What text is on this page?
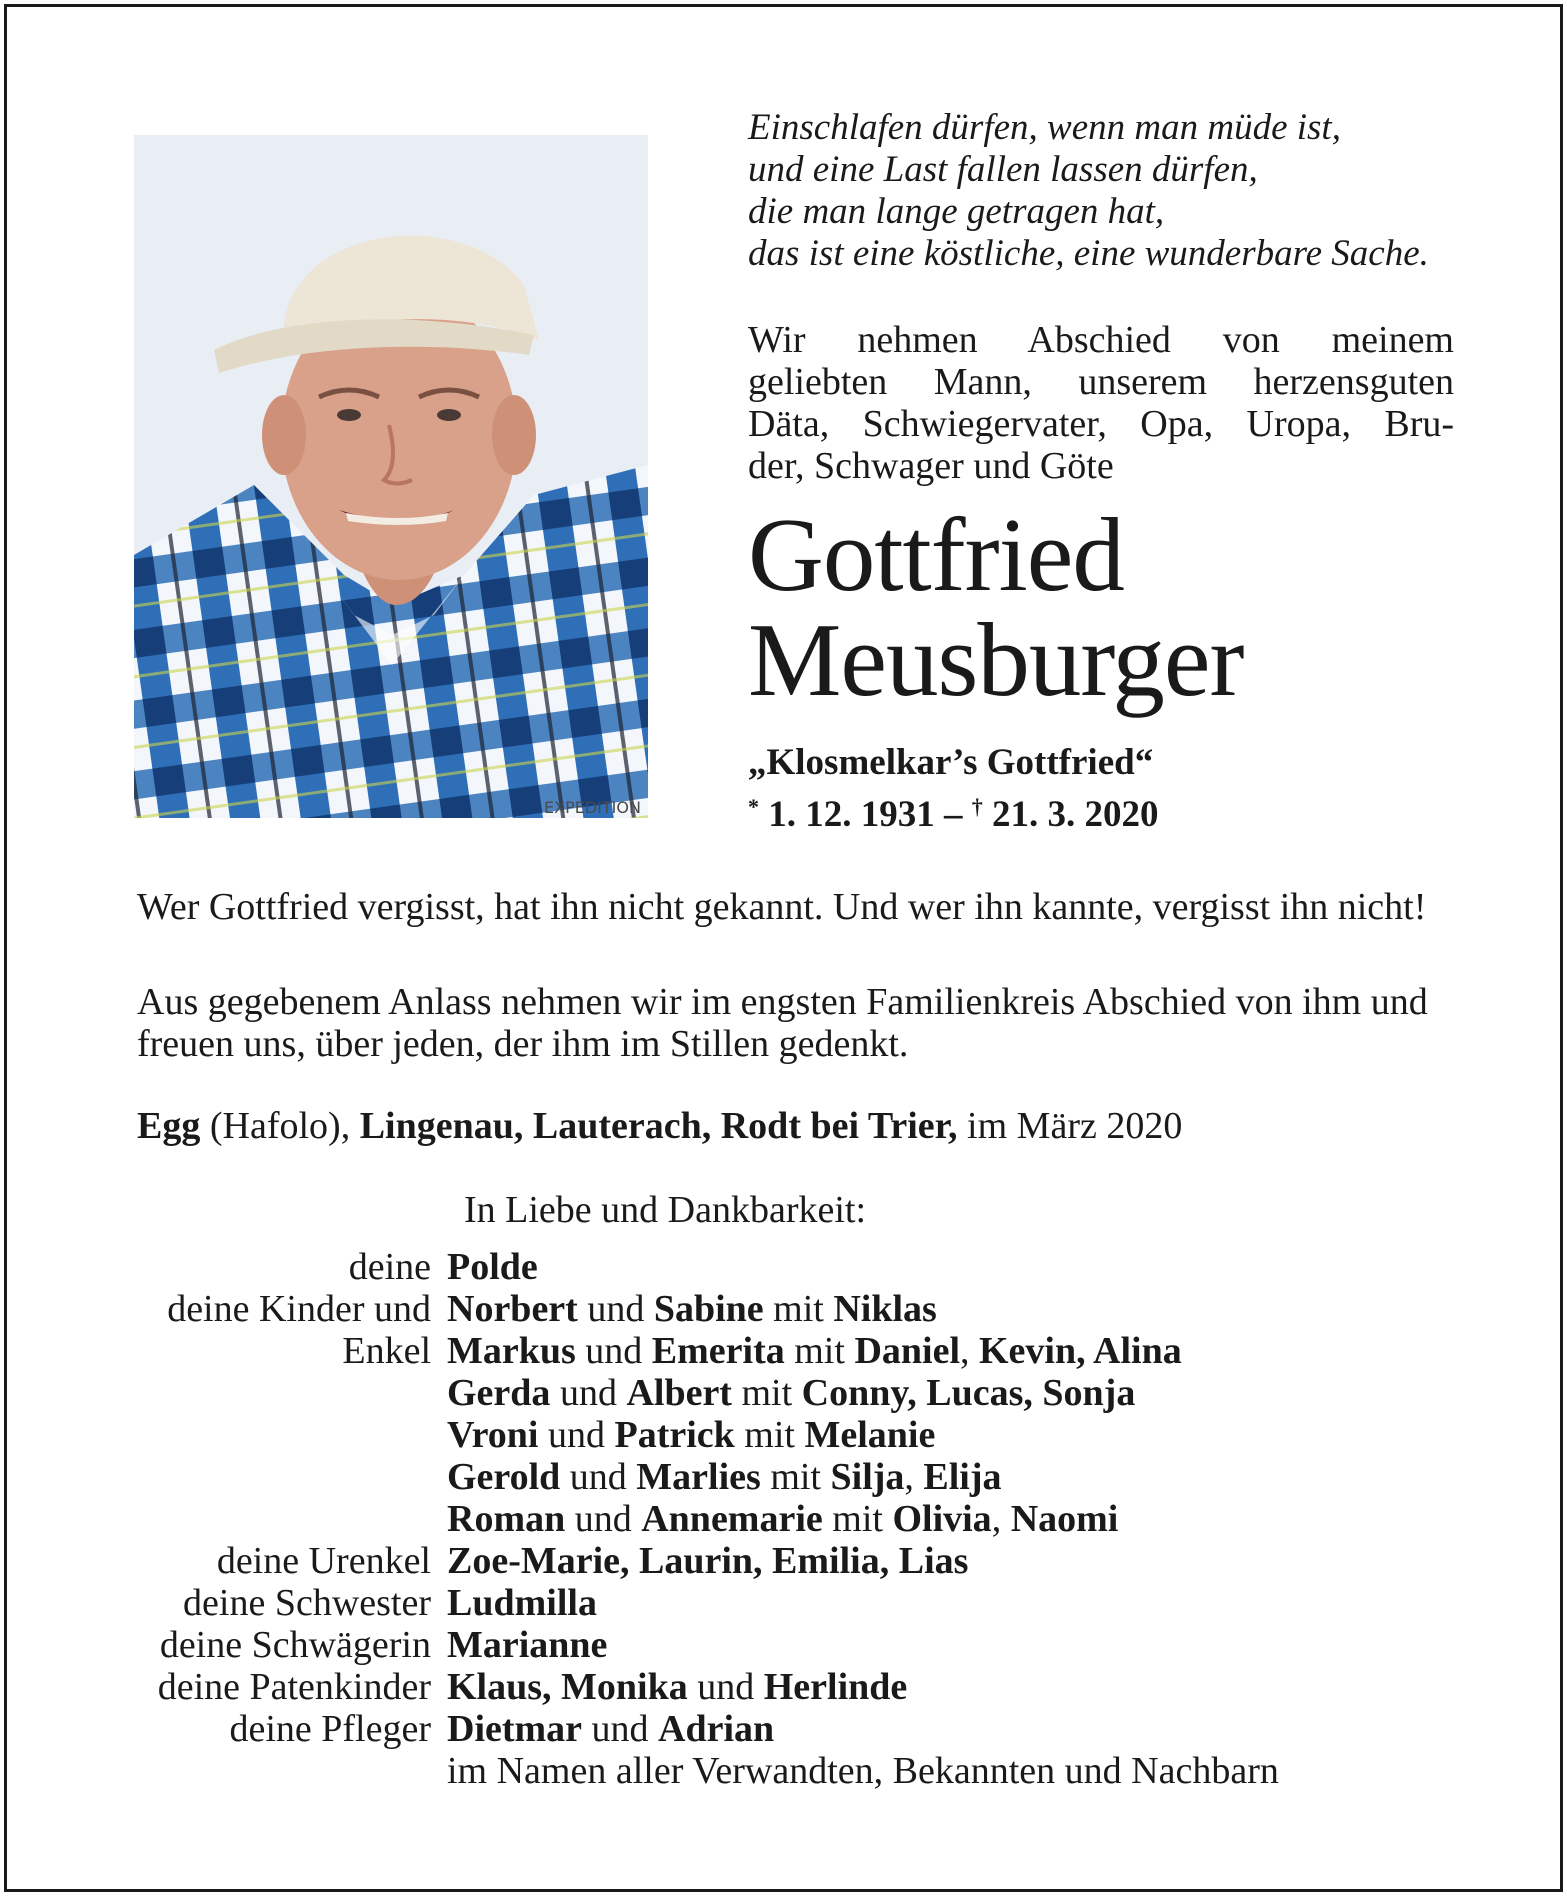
EXPEDITION
Einschlafen dürfen, wenn man müde ist,
und eine Last fallen lassen dürfen,
die man lange getragen hat,
das ist eine köstliche, eine wunderbare Sache.
Wir nehmen Abschied von meinem
geliebten Mann, unserem herzensguten
Däta, Schwiegervater, Opa, Uropa, Bru-
der, Schwager und Göte
Gottfried
Meusburger
„Klosmelkar’s Gottfried“
* 1. 12. 1931 – † 21. 3. 2020
Wer Gottfried vergisst, hat ihn nicht gekannt. Und wer ihn kannte, vergisst ihn nicht!
Aus gegebenem Anlass nehmen wir im engsten Familienkreis Abschied von ihm und freuen uns, über jeden, der ihm im Stillen gedenkt.
Egg (Hafolo), Lingenau, Lauterach, Rodt bei Trier, im März 2020
In Liebe und Dankbarkeit:
deine Polde
deine Kinder und Norbert und Sabine mit Niklas
Enkel Markus und Emerita mit Daniel, Kevin, Alina
Gerda und Albert mit Conny, Lucas, Sonja
Vroni und Patrick mit Melanie
Gerold und Marlies mit Silja, Elija
Roman und Annemarie mit Olivia, Naomi
deine Urenkel Zoe-Marie, Laurin, Emilia, Lias
deine Schwester Ludmilla
deine Schwägerin Marianne
deine Patenkinder Klaus, Monika und Herlinde
deine Pfleger Dietmar und Adrian
im Namen aller Verwandten, Bekannten und Nachbarn
